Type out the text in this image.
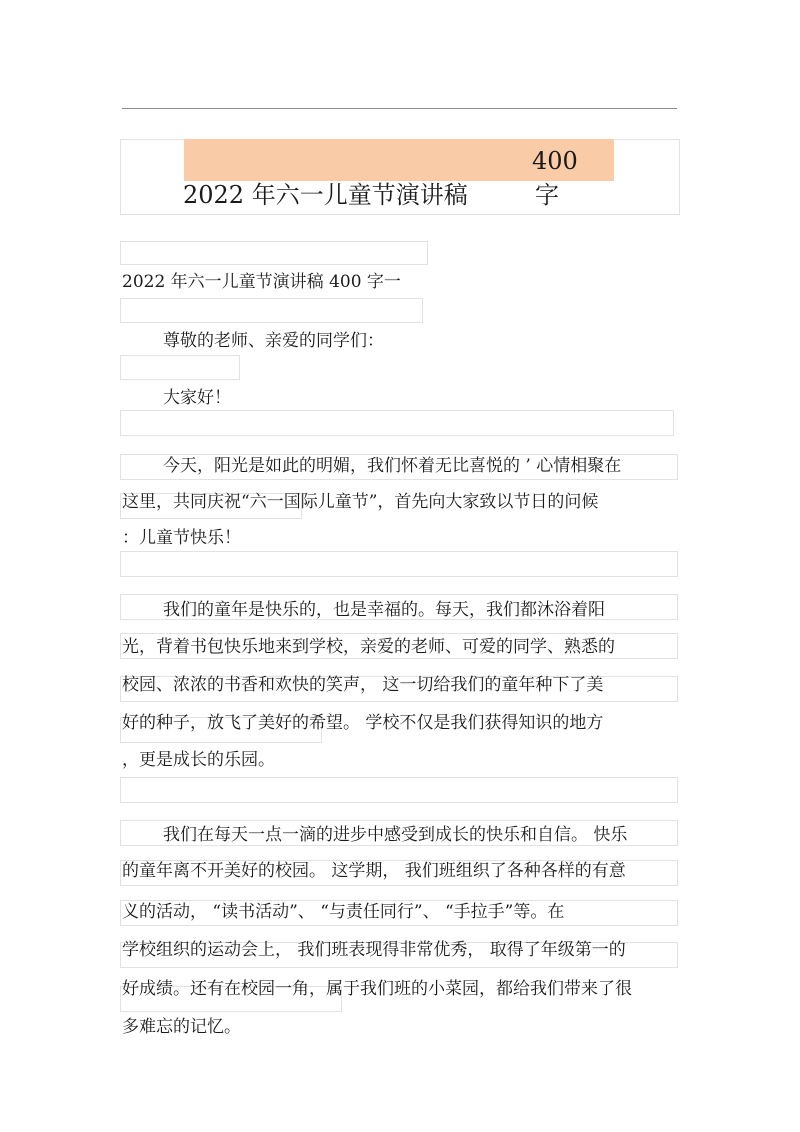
400
2022 年六一儿童节演讲稿	字
2022 年六一儿童节演讲稿 400 字一
尊敬的老师、亲爱的同学们：
大家好！
今天，阳光是如此的明媚，我们怀着无比喜悦的 ’ 心情相聚在
这里，共同庆祝“六一国际儿童节”，首先向大家致以节日的问候
：儿童节快乐！
我们的童年是快乐的，也是幸福的。每天，我们都沐浴着阳
光，背着书包快乐地来到学校，亲爱的老师、可爱的同学、熟悉的
校园、浓浓的书香和欢快的笑声， 这一切给我们的童年种下了美
好的种子，放飞了美好的希望。 学校不仅是我们获得知识的地方
，更是成长的乐园。
我们在每天一点一滴的进步中感受到成长的快乐和自信。 快乐
的童年离不开美好的校园。 这学期， 我们班组织了各种各样的有意
义的活动， “读书活动”、 “与责任同行”、 “手拉手”等。在
学校组织的运动会上， 我们班表现得非常优秀， 取得了年级第一的
好成绩。还有在校园一角，属于我们班的小菜园，都给我们带来了很
多难忘的记忆。
